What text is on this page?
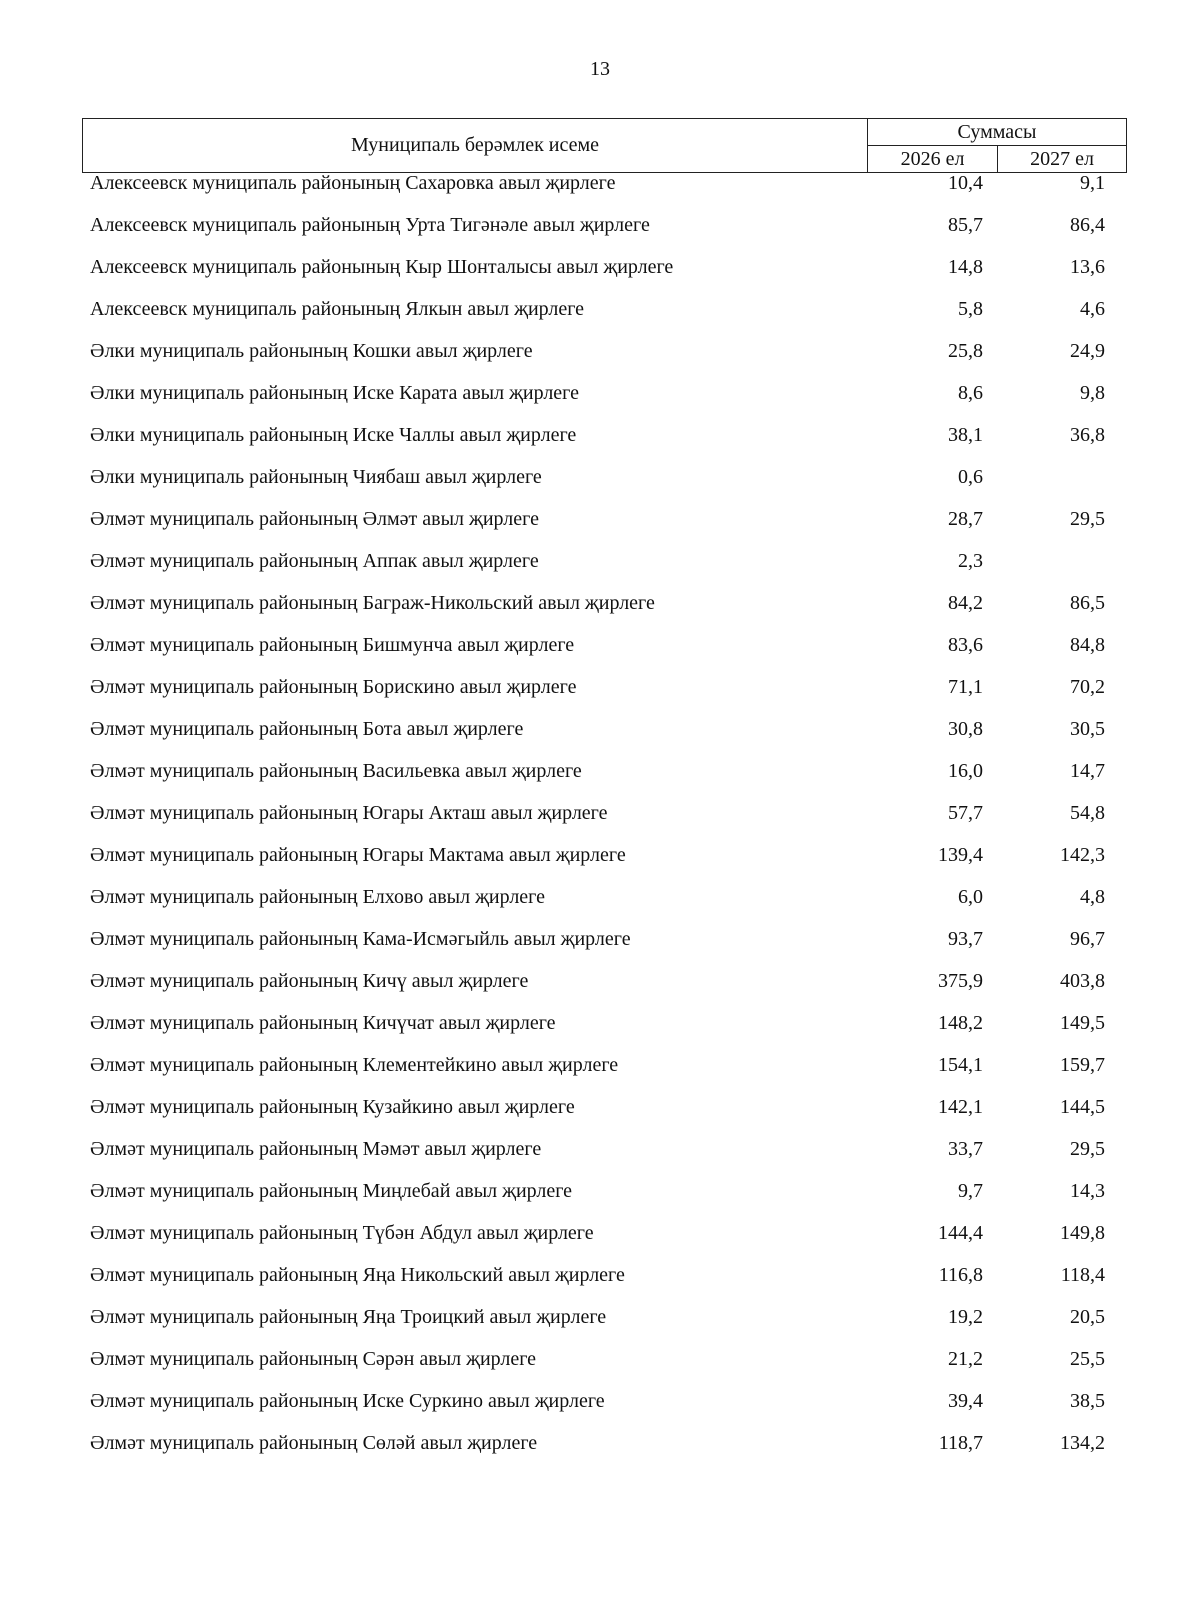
13
Муниципаль берәмлек исеме
Суммасы
2026 ел	2027 ел
Алексеевск муниципаль районының Сахаровка авыл җирлеге	10,4	9,1
Алексеевск муниципаль районының Урта Тигәнәле авыл җирлеге	85,7	86,4
Алексеевск муниципаль районының Кыр Шонталысы авыл җирлеге	14,8	13,6
Алексеевск муниципаль районының Ялкын авыл җирлеге	5,8	4,6
Әлки муниципаль районының Кошки авыл җирлеге	25,8	24,9
Әлки муниципаль районының Иске Карата авыл җирлеге	8,6	9,8
Әлки муниципаль районының Иске Чаллы авыл җирлеге	38,1	36,8
Әлки муниципаль районының Чиябаш авыл җирлеге	0,6
Әлмәт муниципаль районының Әлмәт авыл җирлеге	28,7	29,5
Әлмәт муниципаль районының Аппак авыл җирлеге	2,3
Әлмәт муниципаль районының Баграж-Никольский авыл җирлеге	84,2	86,5
Әлмәт муниципаль районының Бишмунча авыл җирлеге	83,6	84,8
Әлмәт муниципаль районының Борискино авыл җирлеге	71,1	70,2
Әлмәт муниципаль районының Бота авыл җирлеге	30,8	30,5
Әлмәт муниципаль районының Васильевка авыл җирлеге	16,0	14,7
Әлмәт муниципаль районының Югары Акташ авыл җирлеге	57,7	54,8
Әлмәт муниципаль районының Югары Мактама авыл җирлеге	139,4	142,3
Әлмәт муниципаль районының Елхово авыл җирлеге	6,0	4,8
Әлмәт муниципаль районының Кама-Исмәгыйль авыл җирлеге	93,7	96,7
Әлмәт муниципаль районының Кичү авыл җирлеге	375,9	403,8
Әлмәт муниципаль районының Кичүчат авыл җирлеге	148,2	149,5
Әлмәт муниципаль районының Клементейкино авыл җирлеге	154,1	159,7
Әлмәт муниципаль районының Кузайкино авыл җирлеге	142,1	144,5
Әлмәт муниципаль районының Мәмәт авыл җирлеге	33,7	29,5
Әлмәт муниципаль районының Миңлебай авыл җирлеге	9,7	14,3
Әлмәт муниципаль районының Түбән Абдул авыл җирлеге	144,4	149,8
Әлмәт муниципаль районының Яңа Никольский авыл җирлеге	116,8	118,4
Әлмәт муниципаль районының Яңа Троицкий авыл җирлеге	19,2	20,5
Әлмәт муниципаль районының Сәрән авыл җирлеге	21,2	25,5
Әлмәт муниципаль районының Иске Суркино авыл җирлеге	39,4	38,5
Әлмәт муниципаль районының Сөләй авыл җирлеге	118,7	134,2
